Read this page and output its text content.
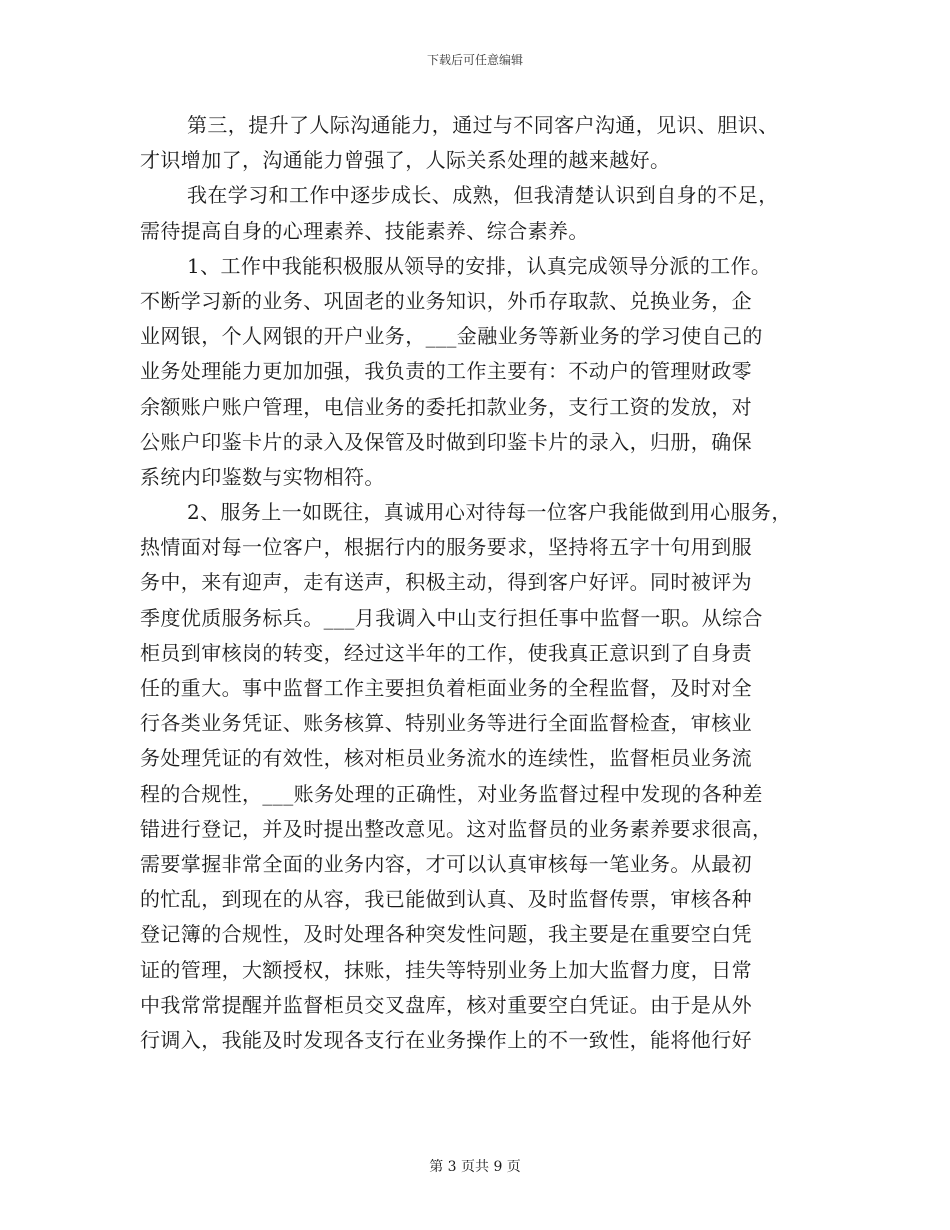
下载后可任意编辑
第三，提升了人际沟通能力，通过与不同客户沟通，见识、胆识、
才识增加了，沟通能力曾强了，人际关系处理的越来越好。
我在学习和工作中逐步成长、成熟，但我清楚认识到自身的不足，
需待提高自身的心理素养、技能素养、综合素养。
1、工作中我能积极服从领导的安排，认真完成领导分派的工作。
不断学习新的业务、巩固老的业务知识，外币存取款、兑换业务，企
业网银，个人网银的开户业务，___金融业务等新业务的学习使自己的
业务处理能力更加加强，我负责的工作主要有：不动户的管理财政零
余额账户账户管理，电信业务的委托扣款业务，支行工资的发放，对
公账户印鉴卡片的录入及保管及时做到印鉴卡片的录入，归册，确保
系统内印鉴数与实物相符。
2、服务上一如既往，真诚用心对待每一位客户我能做到用心服务，
热情面对每一位客户，根据行内的服务要求，坚持将五字十句用到服
务中，来有迎声，走有送声，积极主动，得到客户好评。同时被评为
季度优质服务标兵。___月我调入中山支行担任事中监督一职。从综合
柜员到审核岗的转变，经过这半年的工作，使我真正意识到了自身责
任的重大。事中监督工作主要担负着柜面业务的全程监督，及时对全
行各类业务凭证、账务核算、特别业务等进行全面监督检查，审核业
务处理凭证的有效性，核对柜员业务流水的连续性，监督柜员业务流
程的合规性，___账务处理的正确性，对业务监督过程中发现的各种差
错进行登记，并及时提出整改意见。这对监督员的业务素养要求很高，
需要掌握非常全面的业务内容，才可以认真审核每一笔业务。从最初
的忙乱，到现在的从容，我已能做到认真、及时监督传票，审核各种
登记簿的合规性，及时处理各种突发性问题，我主要是在重要空白凭
证的管理，大额授权，抹账，挂失等特别业务上加大监督力度，日常
中我常常提醒并监督柜员交叉盘库，核对重要空白凭证。由于是从外
行调入，我能及时发现各支行在业务操作上的不一致性，能将他行好
第 3 页共 9 页
